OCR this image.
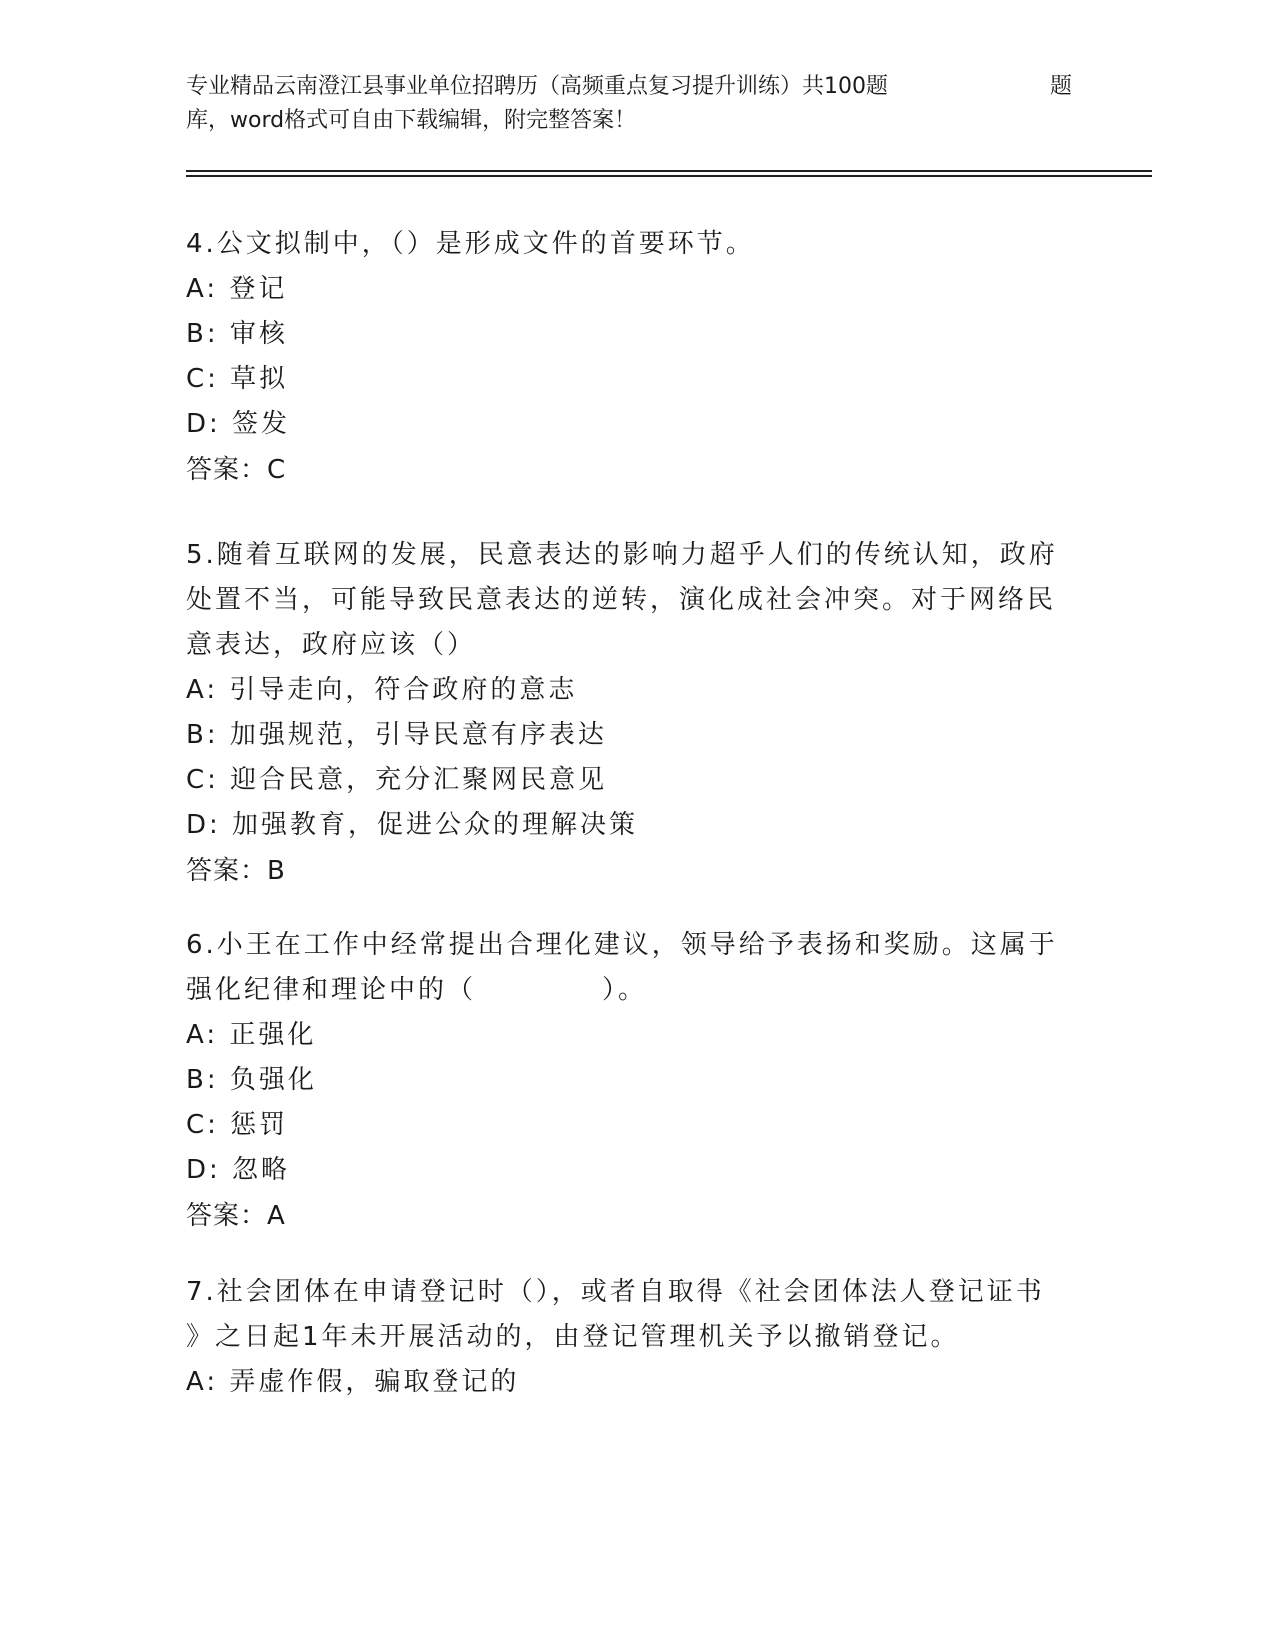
专业精品云南澄江县事业单位招聘历（高频重点复习提升训练）共100题	题
库，word格式可自由下载编辑，附完整答案！
4.公文拟制中，（）是形成文件的首要环节。
A: 登记
B: 审核
C: 草拟
D: 签发
答案：C
5.随着互联网的发展，民意表达的影响力超乎人们的传统认知，政府
处置不当，可能导致民意表达的逆转，演化成社会冲突。对于网络民
意表达，政府应该（）
A: 引导走向，符合政府的意志
B: 加强规范，引导民意有序表达
C: 迎合民意，充分汇聚网民意见
D: 加强教育，促进公众的理解决策
答案：B
6.小王在工作中经常提出合理化建议，领导给予表扬和奖励。这属于
强化纪律和理论中的（	）。
A: 正强化
B: 负强化
C: 惩罚
D: 忽略
答案：A
7.社会团体在申请登记时（），或者自取得《社会团体法人登记证书
》之日起1年未开展活动的，由登记管理机关予以撤销登记。
A: 弄虚作假，骗取登记的
